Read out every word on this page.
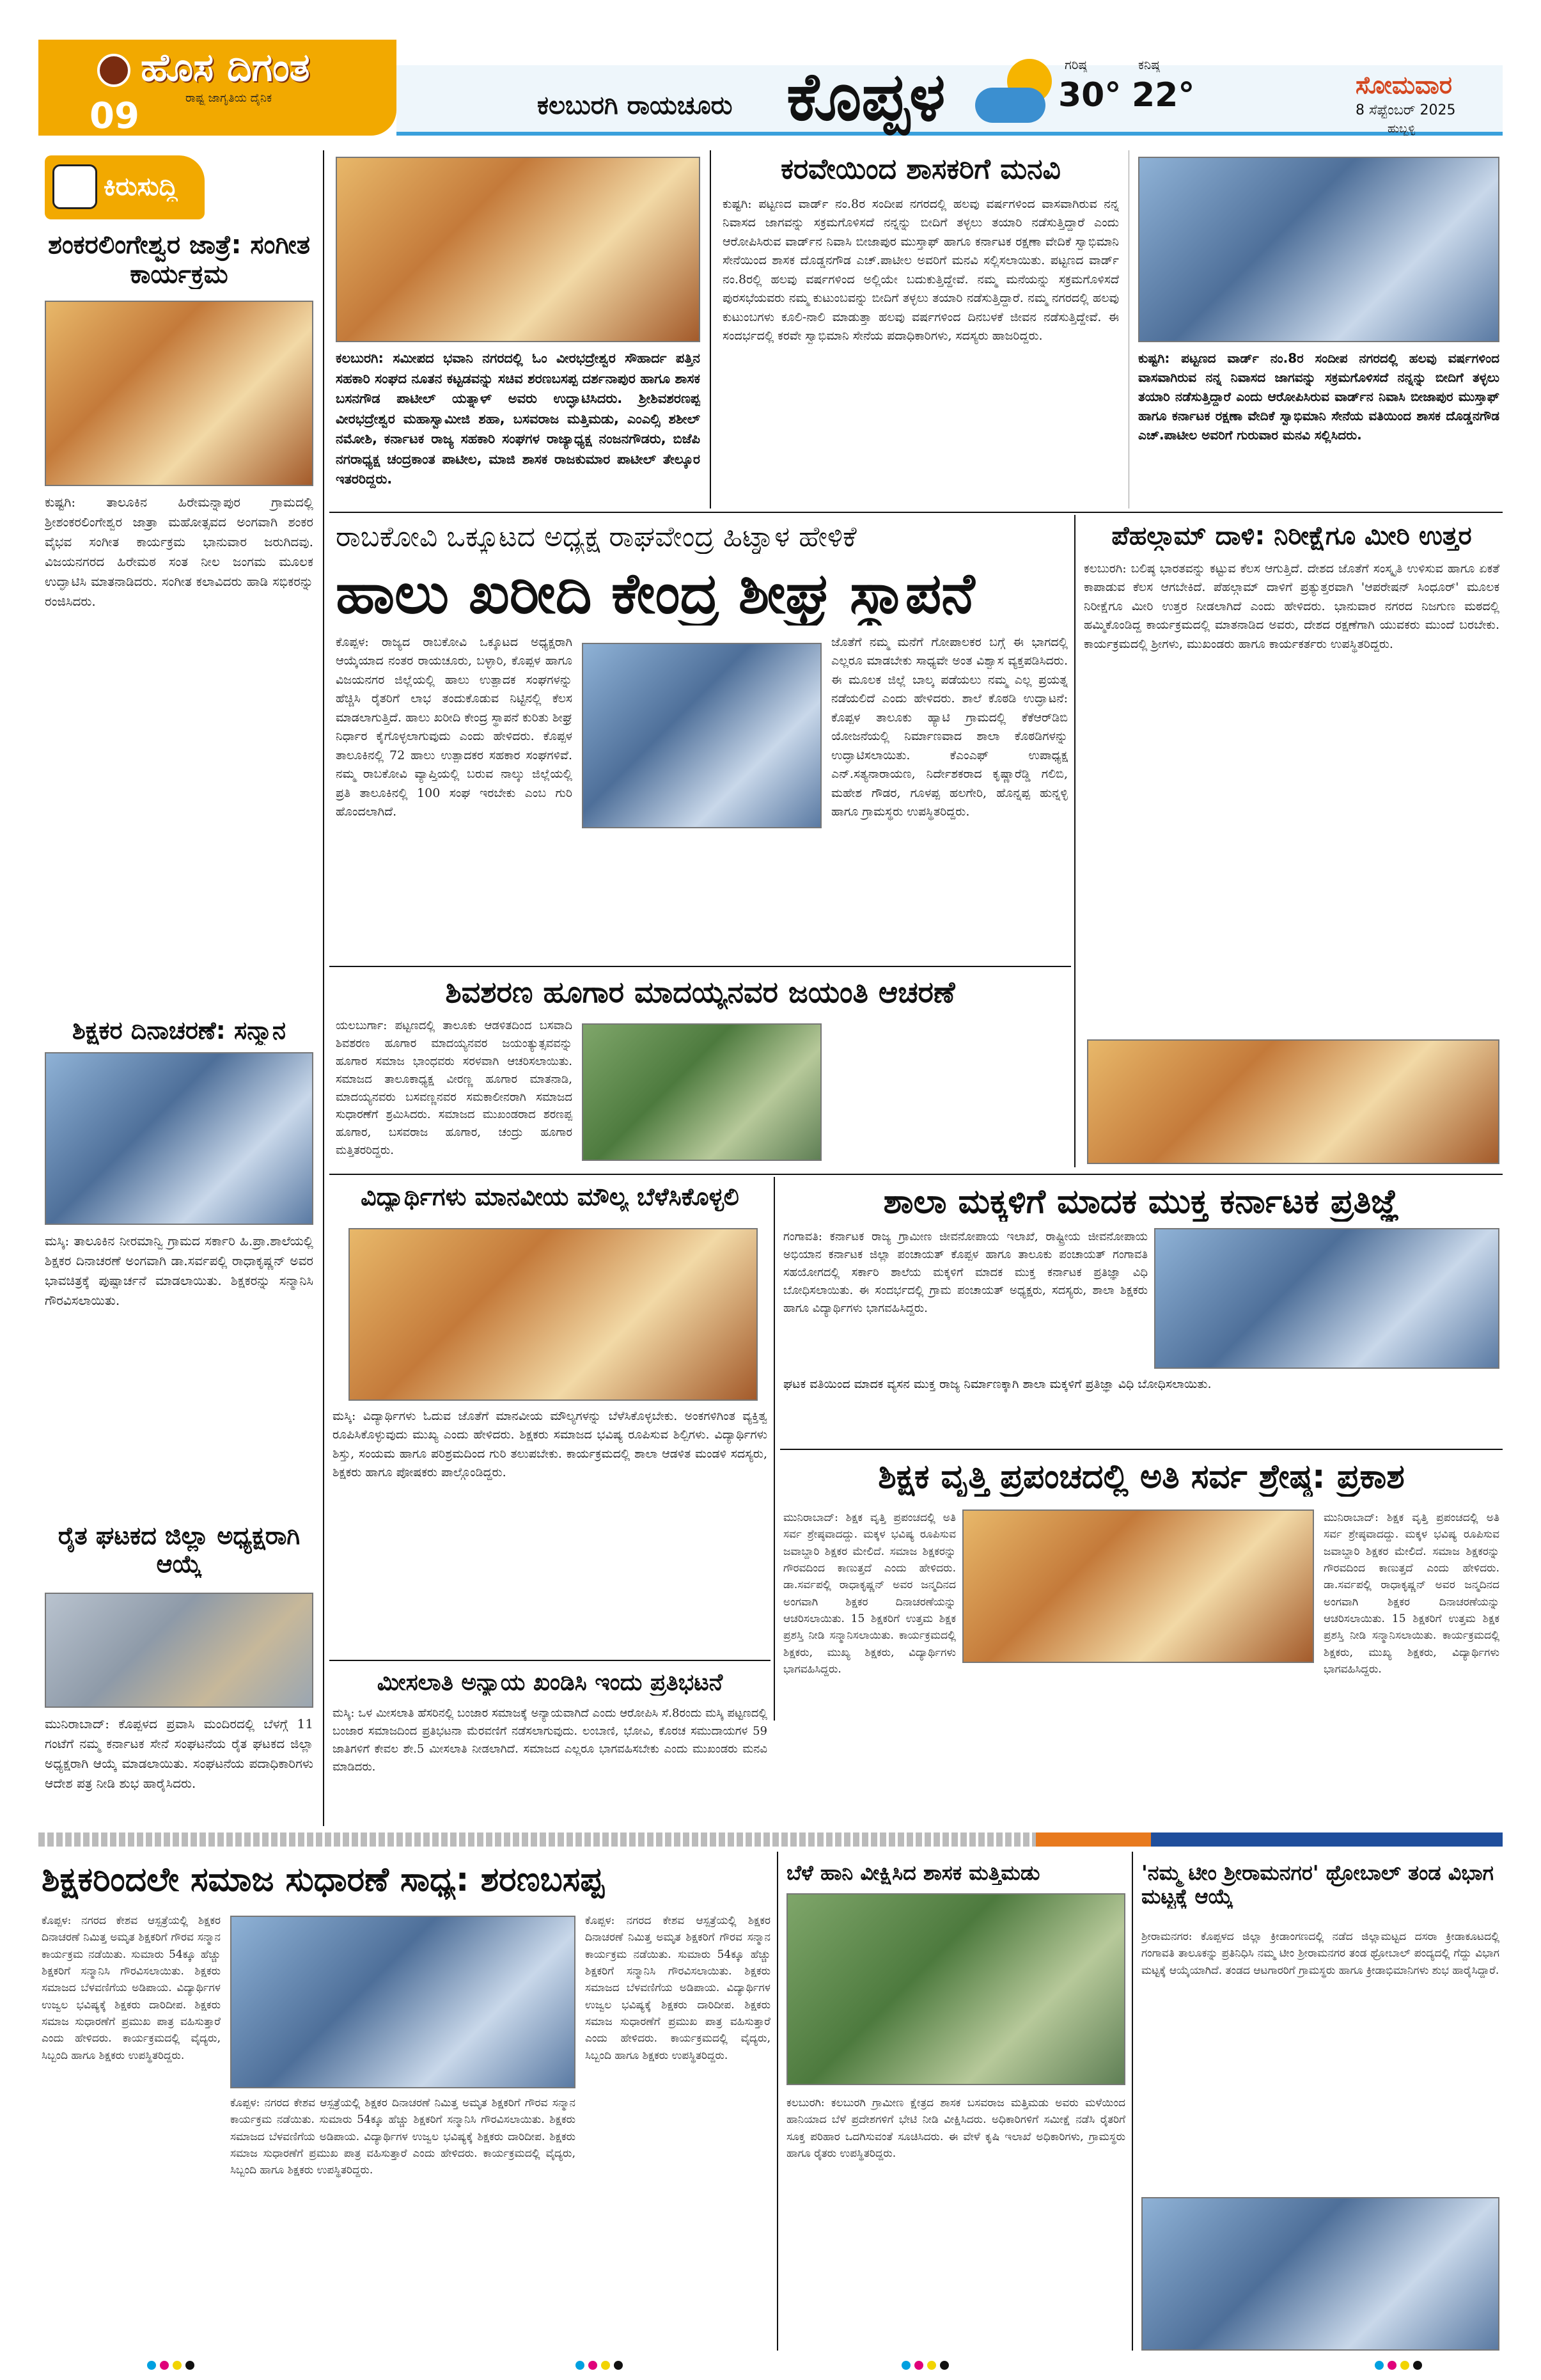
ಹೊಸ ದಿಗಂತ
ರಾಷ್ಟ್ರ ಜಾಗೃತಿಯ ದೈನಿಕ
09	ಕಲಬುರಗಿ ರಾಯಚೂರು ಕೊಪ್ಪಳ	ಗರಿಷ್ಠ
30°
ಕನಿಷ್ಠ
22°	ಸೋಮವಾರ
8 ಸೆಪ್ಟೆಂಬರ್ 2025
ಹುಬ್ಬಳ್ಳಿ
ಕಿರುಸುದ್ದಿ
ಶಂಕರಲಿಂಗೇಶ್ವರ ಜಾತ್ರೆ: ಸಂಗೀತ ಕಾರ್ಯಕ್ರಮ
ಕುಷ್ಟಗಿ: ತಾಲೂಕಿನ ಹಿರೇಮನ್ನಾಪುರ ಗ್ರಾಮದಲ್ಲಿ ಶ್ರೀಶಂಕರಲಿಂಗೇಶ್ವರ ಜಾತ್ರಾ ಮಹೋತ್ಸವದ ಅಂಗವಾಗಿ ಶಂಕರ ವೈಭವ ಸಂಗೀತ ಕಾರ್ಯಕ್ರಮ ಭಾನುವಾರ ಜರುಗಿದವು. ವಿಜಯನಗರದ ಹಿರೇಮಠ ಸಂತ ನೀಲ ಜಂಗಮ ಮೂಲಕ ಉದ್ಘಾಟಿಸಿ ಮಾತನಾಡಿದರು. ಸಂಗೀತ ಕಲಾವಿದರು ಹಾಡಿ ಸಭಿಕರನ್ನು ರಂಜಿಸಿದರು.
ಶಿಕ್ಷಕರ ದಿನಾಚರಣೆ: ಸನ್ಮಾನ
ಮಸ್ಕಿ: ತಾಲೂಕಿನ ನೀರಮಾನ್ವಿ ಗ್ರಾಮದ ಸರ್ಕಾರಿ ಹಿ.ಪ್ರಾ.ಶಾಲೆಯಲ್ಲಿ ಶಿಕ್ಷಕರ ದಿನಾಚರಣೆ ಅಂಗವಾಗಿ ಡಾ.ಸರ್ವಪಲ್ಲಿ ರಾಧಾಕೃಷ್ಣನ್ ಅವರ ಭಾವಚಿತ್ರಕ್ಕೆ ಪುಷ್ಪಾರ್ಚನೆ ಮಾಡಲಾಯಿತು. ಶಿಕ್ಷಕರನ್ನು ಸನ್ಮಾನಿಸಿ ಗೌರವಿಸಲಾಯಿತು.
ರೈತ ಘಟಕದ ಜಿಲ್ಲಾ ಅಧ್ಯಕ್ಷರಾಗಿ ಆಯ್ಕೆ
ಮುನಿರಾಬಾದ್: ಕೊಪ್ಪಳದ ಪ್ರವಾಸಿ ಮಂದಿರದಲ್ಲಿ ಬೆಳಗ್ಗೆ 11 ಗಂಟೆಗೆ ನಮ್ಮ ಕರ್ನಾಟಕ ಸೇನೆ ಸಂಘಟನೆಯ ರೈತ ಘಟಕದ ಜಿಲ್ಲಾ ಅಧ್ಯಕ್ಷರಾಗಿ ಆಯ್ಕೆ ಮಾಡಲಾಯಿತು. ಸಂಘಟನೆಯ ಪದಾಧಿಕಾರಿಗಳು ಆದೇಶ ಪತ್ರ ನೀಡಿ ಶುಭ ಹಾರೈಸಿದರು.
ಕಲಬುರಗಿ: ಸಮೀಪದ ಭವಾನಿ ನಗರದಲ್ಲಿ ಓಂ ವೀರಭದ್ರೇಶ್ವರ ಸೌಹಾರ್ದ ಪತ್ತಿನ ಸಹಕಾರಿ ಸಂಘದ ನೂತನ ಕಟ್ಟಡವನ್ನು ಸಚಿವ ಶರಣಬಸಪ್ಪ ದರ್ಶನಾಪುರ ಹಾಗೂ ಶಾಸಕ ಬಸನಗೌಡ ಪಾಟೀಲ್ ಯತ್ನಾಳ್ ಅವರು ಉದ್ಘಾಟಿಸಿದರು. ಶ್ರೀಶಿವಶರಣಪ್ಪ ವೀರಭದ್ರೇಶ್ವರ ಮಹಾಸ್ವಾಮೀಜಿ ಶಹಾ, ಬಸವರಾಜ ಮತ್ತಿಮಡು, ಎಂಎಲ್ಸಿ ಶಶೀಲ್ ನಮೋಶಿ, ಕರ್ನಾಟಕ ರಾಜ್ಯ ಸಹಕಾರಿ ಸಂಘಗಳ ರಾಜ್ಯಾಧ್ಯಕ್ಷ ನಂಜನಗೌಡರು, ಬಿಜೆಪಿ ನಗರಾಧ್ಯಕ್ಷ ಚಂದ್ರಕಾಂತ ಪಾಟೀಲ, ಮಾಜಿ ಶಾಸಕ ರಾಜಕುಮಾರ ಪಾಟೀಲ್ ತೇಲ್ಕೂರ ಇತರರಿದ್ದರು.
ಕರವೇಯಿಂದ ಶಾಸಕರಿಗೆ ಮನವಿ
ಕುಷ್ಟಗಿ: ಪಟ್ಟಣದ ವಾರ್ಡ್ ನಂ.8ರ ಸಂದೀಪ ನಗರದಲ್ಲಿ ಹಲವು ವರ್ಷಗಳಿಂದ ವಾಸವಾಗಿರುವ ನನ್ನ ನಿವಾಸದ ಜಾಗವನ್ನು ಸಕ್ರಮಗೊಳಿಸದೆ ನನ್ನನ್ನು ಬೀದಿಗೆ ತಳ್ಳಲು ತಯಾರಿ ನಡೆಸುತ್ತಿದ್ದಾರೆ ಎಂದು ಆರೋಪಿಸಿರುವ ವಾರ್ಡ್‌ನ ನಿವಾಸಿ ಬೀಜಾಪುರ ಮುಸ್ತಾಫ್ ಹಾಗೂ ಕರ್ನಾಟಕ ರಕ್ಷಣಾ ವೇದಿಕೆ ಸ್ವಾಭಿಮಾನಿ ಸೇನೆಯಿಂದ ಶಾಸಕ ದೊಡ್ಡನಗೌಡ ಎಚ್.ಪಾಟೀಲ ಅವರಿಗೆ ಮನವಿ ಸಲ್ಲಿಸಲಾಯಿತು. ಪಟ್ಟಣದ ವಾರ್ಡ್ ನಂ.8ರಲ್ಲಿ ಹಲವು ವರ್ಷಗಳಿಂದ ಅಲ್ಲಿಯೇ ಬದುಕುತ್ತಿದ್ದೇವೆ. ನಮ್ಮ ಮನೆಯನ್ನು ಸಕ್ರಮಗೊಳಿಸದೆ ಪುರಸಭೆಯವರು ನಮ್ಮ ಕುಟುಂಬವನ್ನು ಬೀದಿಗೆ ತಳ್ಳಲು ತಯಾರಿ ನಡೆಸುತ್ತಿದ್ದಾರೆ. ನಮ್ಮ ನಗರದಲ್ಲಿ ಹಲವು ಕುಟುಂಬಗಳು ಕೂಲಿ-ನಾಲಿ ಮಾಡುತ್ತಾ ಹಲವು ವರ್ಷಗಳಿಂದ ದಿನಬಳಕೆ ಜೀವನ ನಡೆಸುತ್ತಿದ್ದೇವೆ. ಈ ಸಂದರ್ಭದಲ್ಲಿ ಕರವೇ ಸ್ವಾಭಿಮಾನಿ ಸೇನೆಯ ಪದಾಧಿಕಾರಿಗಳು, ಸದಸ್ಯರು ಹಾಜರಿದ್ದರು.
ಕುಷ್ಟಗಿ: ಪಟ್ಟಣದ ವಾರ್ಡ್ ನಂ.8ರ ಸಂದೀಪ ನಗರದಲ್ಲಿ ಹಲವು ವರ್ಷಗಳಿಂದ ವಾಸವಾಗಿರುವ ನನ್ನ ನಿವಾಸದ ಜಾಗವನ್ನು ಸಕ್ರಮಗೊಳಿಸದೆ ನನ್ನನ್ನು ಬೀದಿಗೆ ತಳ್ಳಲು ತಯಾರಿ ನಡೆಸುತ್ತಿದ್ದಾರೆ ಎಂದು ಆರೋಪಿಸಿರುವ ವಾರ್ಡ್‌ನ ನಿವಾಸಿ ಬೀಜಾಪುರ ಮುಸ್ತಾಫ್ ಹಾಗೂ ಕರ್ನಾಟಕ ರಕ್ಷಣಾ ವೇದಿಕೆ ಸ್ವಾಭಿಮಾನಿ ಸೇನೆಯ ವತಿಯಿಂದ ಶಾಸಕ ದೊಡ್ಡನಗೌಡ ಎಚ್.ಪಾಟೀಲ ಅವರಿಗೆ ಗುರುವಾರ ಮನವಿ ಸಲ್ಲಿಸಿದರು.
ರಾಬಕೋವಿ ಒಕ್ಕೂಟದ ಅಧ್ಯಕ್ಷ ರಾಘವೇಂದ್ರ ಹಿಟ್ನಾಳ ಹೇಳಿಕೆ
ಹಾಲು ಖರೀದಿ ಕೇಂದ್ರ ಶೀಘ್ರ ಸ್ಥಾಪನೆ
ಕೊಪ್ಪಳ: ರಾಜ್ಯದ ರಾಬಕೋವಿ ಒಕ್ಕೂಟದ ಅಧ್ಯಕ್ಷರಾಗಿ ಆಯ್ಕೆಯಾದ ನಂತರ ರಾಯಚೂರು, ಬಳ್ಳಾರಿ, ಕೊಪ್ಪಳ ಹಾಗೂ ವಿಜಯನಗರ ಜಿಲ್ಲೆಯಲ್ಲಿ ಹಾಲು ಉತ್ಪಾದಕ ಸಂಘಗಳನ್ನು ಹೆಚ್ಚಿಸಿ ರೈತರಿಗೆ ಲಾಭ ತಂದುಕೊಡುವ ನಿಟ್ಟಿನಲ್ಲಿ ಕೆಲಸ ಮಾಡಲಾಗುತ್ತಿದೆ. ಹಾಲು ಖರೀದಿ ಕೇಂದ್ರ ಸ್ಥಾಪನೆ ಕುರಿತು ಶೀಘ್ರ ನಿರ್ಧಾರ ಕೈಗೊಳ್ಳಲಾಗುವುದು ಎಂದು ಹೇಳಿದರು. ಕೊಪ್ಪಳ ತಾಲೂಕಿನಲ್ಲಿ 72 ಹಾಲು ಉತ್ಪಾದಕರ ಸಹಕಾರ ಸಂಘಗಳಿವೆ. ನಮ್ಮ ರಾಬಕೋವಿ ವ್ಯಾಪ್ತಿಯಲ್ಲಿ ಬರುವ ನಾಲ್ಕು ಜಿಲ್ಲೆಯಲ್ಲಿ ಪ್ರತಿ ತಾಲೂಕಿನಲ್ಲಿ 100 ಸಂಘ ಇರಬೇಕು ಎಂಬ ಗುರಿ ಹೊಂದಲಾಗಿದೆ.
ಜೊತೆಗೆ ನಮ್ಮ ಮನೆಗೆ ಗೋಪಾಲಕರ ಬಗ್ಗೆ ಈ ಭಾಗದಲ್ಲಿ ಎಲ್ಲರೂ ಮಾಡಬೇಕು ಸಾಧ್ಯವೇ ಅಂತ ವಿಶ್ವಾಸ ವ್ಯಕ್ತಪಡಿಸಿದರು. ಈ ಮೂಲಕ ಜಿಲ್ಲೆ ಬಾಲ್ಕ ಪಡೆಯಲು ನಮ್ಮ ಎಲ್ಲ ಪ್ರಯತ್ನ ನಡೆಯಲಿದೆ ಎಂದು ಹೇಳಿದರು. ಶಾಲೆ ಕೊಠಡಿ ಉದ್ಘಾಟನೆ: ಕೊಪ್ಪಳ ತಾಲೂಕು ಹ್ಯಾಟಿ ಗ್ರಾಮದಲ್ಲಿ ಕೆಕೆಆರ್‌ಡಿಬಿ ಯೋಜನೆಯಲ್ಲಿ ನಿರ್ಮಾಣವಾದ ಶಾಲಾ ಕೊಠಡಿಗಳನ್ನು ಉದ್ಘಾಟಿಸಲಾಯಿತು. ಕೆಎಂಎಫ್ ಉಪಾಧ್ಯಕ್ಷ ಎನ್.ಸತ್ಯನಾರಾಯಣ, ನಿರ್ದೇಶಕರಾದ ಕೃಷ್ಣಾರೆಡ್ಡಿ ಗಲಿಬಿ, ಮಹೇಶ ಗೌಡರ, ಗೂಳಪ್ಪ ಹಲಗೇರಿ, ಹೊನ್ನಪ್ಪ ಹುನ್ನಳ್ಳಿ ಹಾಗೂ ಗ್ರಾಮಸ್ಥರು ಉಪಸ್ಥಿತರಿದ್ದರು.
ಪೆಹಲ್ಗಾಮ್ ದಾಳಿ: ನಿರೀಕ್ಷೆಗೂ ಮೀರಿ ಉತ್ತರ
ಕಲಬುರಗಿ: ಬಲಿಷ್ಠ ಭಾರತವನ್ನು ಕಟ್ಟುವ ಕೆಲಸ ಆಗುತ್ತಿದೆ. ದೇಶದ ಜೊತೆಗೆ ಸಂಸ್ಕೃತಿ ಉಳಿಸುವ ಹಾಗೂ ಏಕತೆ ಕಾಪಾಡುವ ಕೆಲಸ ಆಗಬೇಕಿದೆ. ಪೆಹಲ್ಗಾಮ್ ದಾಳಿಗೆ ಪ್ರತ್ಯುತ್ತರವಾಗಿ 'ಆಪರೇಷನ್ ಸಿಂಧೂರ್' ಮೂಲಕ ನಿರೀಕ್ಷೆಗೂ ಮೀರಿ ಉತ್ತರ ನೀಡಲಾಗಿದೆ ಎಂದು ಹೇಳಿದರು. ಭಾನುವಾರ ನಗರದ ನಿಜಗುಣ ಮಠದಲ್ಲಿ ಹಮ್ಮಿಕೊಂಡಿದ್ದ ಕಾರ್ಯಕ್ರಮದಲ್ಲಿ ಮಾತನಾಡಿದ ಅವರು, ದೇಶದ ರಕ್ಷಣೆಗಾಗಿ ಯುವಕರು ಮುಂದೆ ಬರಬೇಕು. ಕಾರ್ಯಕ್ರಮದಲ್ಲಿ ಶ್ರೀಗಳು, ಮುಖಂಡರು ಹಾಗೂ ಕಾರ್ಯಕರ್ತರು ಉಪಸ್ಥಿತರಿದ್ದರು.
ಶಿವಶರಣ ಹೂಗಾರ ಮಾದಯ್ಯನವರ ಜಯಂತಿ ಆಚರಣೆ
ಯಲಬುರ್ಗಾ: ಪಟ್ಟಣದಲ್ಲಿ ತಾಲೂಕು ಆಡಳಿತದಿಂದ ಬಸವಾದಿ ಶಿವಶರಣ ಹೂಗಾರ ಮಾದಯ್ಯನವರ ಜಯಂತ್ಯುತ್ಸವವನ್ನು ಹೂಗಾರ ಸಮಾಜ ಭಾಂಧವರು ಸರಳವಾಗಿ ಆಚರಿಸಲಾಯಿತು. ಸಮಾಜದ ತಾಲೂಕಾಧ್ಯಕ್ಷ ವೀರಣ್ಣ ಹೂಗಾರ ಮಾತನಾಡಿ, ಮಾದಯ್ಯನವರು ಬಸವಣ್ಣನವರ ಸಮಕಾಲೀನರಾಗಿ ಸಮಾಜದ ಸುಧಾರಣೆಗೆ ಶ್ರಮಿಸಿದರು. ಸಮಾಜದ ಮುಖಂಡರಾದ ಶರಣಪ್ಪ ಹೂಗಾರ, ಬಸವರಾಜ ಹೂಗಾರ, ಚಂದ್ರು ಹೂಗಾರ ಮತ್ತಿತರರಿದ್ದರು.
ವಿದ್ಯಾರ್ಥಿಗಳು ಮಾನವೀಯ ಮೌಲ್ಯ ಬೆಳೆಸಿಕೊಳ್ಳಲಿ
ಮಸ್ಕಿ: ವಿದ್ಯಾರ್ಥಿಗಳು ಓದುವ ಜೊತೆಗೆ ಮಾನವೀಯ ಮೌಲ್ಯಗಳನ್ನು ಬೆಳೆಸಿಕೊಳ್ಳಬೇಕು. ಅಂಕಗಳಿಗಿಂತ ವ್ಯಕ್ತಿತ್ವ ರೂಪಿಸಿಕೊಳ್ಳುವುದು ಮುಖ್ಯ ಎಂದು ಹೇಳಿದರು. ಶಿಕ್ಷಕರು ಸಮಾಜದ ಭವಿಷ್ಯ ರೂಪಿಸುವ ಶಿಲ್ಪಿಗಳು. ವಿದ್ಯಾರ್ಥಿಗಳು ಶಿಸ್ತು, ಸಂಯಮ ಹಾಗೂ ಪರಿಶ್ರಮದಿಂದ ಗುರಿ ತಲುಪಬೇಕು. ಕಾರ್ಯಕ್ರಮದಲ್ಲಿ ಶಾಲಾ ಆಡಳಿತ ಮಂಡಳಿ ಸದಸ್ಯರು, ಶಿಕ್ಷಕರು ಹಾಗೂ ಪೋಷಕರು ಪಾಲ್ಗೊಂಡಿದ್ದರು.
ಶಾಲಾ ಮಕ್ಕಳಿಗೆ ಮಾದಕ ಮುಕ್ತ ಕರ್ನಾಟಕ ಪ್ರತಿಜ್ಞೆ
ಗಂಗಾವತಿ: ಕರ್ನಾಟಕ ರಾಜ್ಯ ಗ್ರಾಮೀಣ ಜೀವನೋಪಾಯ ಇಲಾಖೆ, ರಾಷ್ಟ್ರೀಯ ಜೀವನೋಪಾಯ ಅಭಿಯಾನ ಕರ್ನಾಟಕ ಜಿಲ್ಲಾ ಪಂಚಾಯತ್ ಕೊಪ್ಪಳ ಹಾಗೂ ತಾಲೂಕು ಪಂಚಾಯತ್ ಗಂಗಾವತಿ ಸಹಯೋಗದಲ್ಲಿ ಸರ್ಕಾರಿ ಶಾಲೆಯ ಮಕ್ಕಳಿಗೆ ಮಾದಕ ಮುಕ್ತ ಕರ್ನಾಟಕ ಪ್ರತಿಜ್ಞಾ ವಿಧಿ ಬೋಧಿಸಲಾಯಿತು. ಈ ಸಂದರ್ಭದಲ್ಲಿ ಗ್ರಾಮ ಪಂಚಾಯತ್ ಅಧ್ಯಕ್ಷರು, ಸದಸ್ಯರು, ಶಾಲಾ ಶಿಕ್ಷಕರು ಹಾಗೂ ವಿದ್ಯಾರ್ಥಿಗಳು ಭಾಗವಹಿಸಿದ್ದರು.
ಘಟಕ ವತಿಯಿಂದ ಮಾದಕ ವ್ಯಸನ ಮುಕ್ತ ರಾಜ್ಯ ನಿರ್ಮಾಣಕ್ಕಾಗಿ ಶಾಲಾ ಮಕ್ಕಳಿಗೆ ಪ್ರತಿಜ್ಞಾ ವಿಧಿ ಬೋಧಿಸಲಾಯಿತು.
ಶಿಕ್ಷಕ ವೃತ್ತಿ ಪ್ರಪಂಚದಲ್ಲಿ ಅತಿ ಸರ್ವ ಶ್ರೇಷ್ಠ: ಪ್ರಕಾಶ
ಮುನಿರಾಬಾದ್: ಶಿಕ್ಷಕ ವೃತ್ತಿ ಪ್ರಪಂಚದಲ್ಲಿ ಅತಿ ಸರ್ವ ಶ್ರೇಷ್ಠವಾದದ್ದು. ಮಕ್ಕಳ ಭವಿಷ್ಯ ರೂಪಿಸುವ ಜವಾಬ್ದಾರಿ ಶಿಕ್ಷಕರ ಮೇಲಿದೆ. ಸಮಾಜ ಶಿಕ್ಷಕರನ್ನು ಗೌರವದಿಂದ ಕಾಣುತ್ತದೆ ಎಂದು ಹೇಳಿದರು. ಡಾ.ಸರ್ವಪಲ್ಲಿ ರಾಧಾಕೃಷ್ಣನ್ ಅವರ ಜನ್ಮದಿನದ ಅಂಗವಾಗಿ ಶಿಕ್ಷಕರ ದಿನಾಚರಣೆಯನ್ನು ಆಚರಿಸಲಾಯಿತು. 15 ಶಿಕ್ಷಕರಿಗೆ ಉತ್ತಮ ಶಿಕ್ಷಕ ಪ್ರಶಸ್ತಿ ನೀಡಿ ಸನ್ಮಾನಿಸಲಾಯಿತು. ಕಾರ್ಯಕ್ರಮದಲ್ಲಿ ಶಿಕ್ಷಕರು, ಮುಖ್ಯ ಶಿಕ್ಷಕರು, ವಿದ್ಯಾರ್ಥಿಗಳು ಭಾಗವಹಿಸಿದ್ದರು.
ಮುನಿರಾಬಾದ್: ಶಿಕ್ಷಕ ವೃತ್ತಿ ಪ್ರಪಂಚದಲ್ಲಿ ಅತಿ ಸರ್ವ ಶ್ರೇಷ್ಠವಾದದ್ದು. ಮಕ್ಕಳ ಭವಿಷ್ಯ ರೂಪಿಸುವ ಜವಾಬ್ದಾರಿ ಶಿಕ್ಷಕರ ಮೇಲಿದೆ. ಸಮಾಜ ಶಿಕ್ಷಕರನ್ನು ಗೌರವದಿಂದ ಕಾಣುತ್ತದೆ ಎಂದು ಹೇಳಿದರು. ಡಾ.ಸರ್ವಪಲ್ಲಿ ರಾಧಾಕೃಷ್ಣನ್ ಅವರ ಜನ್ಮದಿನದ ಅಂಗವಾಗಿ ಶಿಕ್ಷಕರ ದಿನಾಚರಣೆಯನ್ನು ಆಚರಿಸಲಾಯಿತು. 15 ಶಿಕ್ಷಕರಿಗೆ ಉತ್ತಮ ಶಿಕ್ಷಕ ಪ್ರಶಸ್ತಿ ನೀಡಿ ಸನ್ಮಾನಿಸಲಾಯಿತು. ಕಾರ್ಯಕ್ರಮದಲ್ಲಿ ಶಿಕ್ಷಕರು, ಮುಖ್ಯ ಶಿಕ್ಷಕರು, ವಿದ್ಯಾರ್ಥಿಗಳು ಭಾಗವಹಿಸಿದ್ದರು.
ಮೀಸಲಾತಿ ಅನ್ಯಾಯ ಖಂಡಿಸಿ ಇಂದು ಪ್ರತಿಭಟನೆ
ಮಸ್ಕಿ: ಒಳ ಮೀಸಲಾತಿ ಹೆಸರಿನಲ್ಲಿ ಬಂಜಾರ ಸಮಾಜಕ್ಕೆ ಅನ್ಯಾಯವಾಗಿದೆ ಎಂದು ಆರೋಪಿಸಿ ಸೆ.8ರಂದು ಮಸ್ಕಿ ಪಟ್ಟಣದಲ್ಲಿ ಬಂಜಾರ ಸಮಾಜದಿಂದ ಪ್ರತಿಭಟನಾ ಮೆರವಣಿಗೆ ನಡೆಸಲಾಗುವುದು. ಲಂಬಾಣಿ, ಭೋವಿ, ಕೊರಚ ಸಮುದಾಯಗಳ 59 ಜಾತಿಗಳಿಗೆ ಕೇವಲ ಶೇ.5 ಮೀಸಲಾತಿ ನೀಡಲಾಗಿದೆ. ಸಮಾಜದ ಎಲ್ಲರೂ ಭಾಗವಹಿಸಬೇಕು ಎಂದು ಮುಖಂಡರು ಮನವಿ ಮಾಡಿದರು.
ಶಿಕ್ಷಕರಿಂದಲೇ ಸಮಾಜ ಸುಧಾರಣೆ ಸಾಧ್ಯ: ಶರಣಬಸಪ್ಪ
ಕೊಪ್ಪಳ: ನಗರದ ಕೇಶವ ಆಸ್ಪತ್ರೆಯಲ್ಲಿ ಶಿಕ್ಷಕರ ದಿನಾಚರಣೆ ನಿಮಿತ್ತ ಅಮೃತ ಶಿಕ್ಷಕರಿಗೆ ಗೌರವ ಸನ್ಮಾನ ಕಾರ್ಯಕ್ರಮ ನಡೆಯಿತು. ಸುಮಾರು 54ಕ್ಕೂ ಹೆಚ್ಚು ಶಿಕ್ಷಕರಿಗೆ ಸನ್ಮಾನಿಸಿ ಗೌರವಿಸಲಾಯಿತು. ಶಿಕ್ಷಕರು ಸಮಾಜದ ಬೆಳವಣಿಗೆಯ ಅಡಿಪಾಯ. ವಿದ್ಯಾರ್ಥಿಗಳ ಉಜ್ವಲ ಭವಿಷ್ಯಕ್ಕೆ ಶಿಕ್ಷಕರು ದಾರಿದೀಪ. ಶಿಕ್ಷಕರು ಸಮಾಜ ಸುಧಾರಣೆಗೆ ಪ್ರಮುಖ ಪಾತ್ರ ವಹಿಸುತ್ತಾರೆ ಎಂದು ಹೇಳಿದರು. ಕಾರ್ಯಕ್ರಮದಲ್ಲಿ ವೈದ್ಯರು, ಸಿಬ್ಬಂದಿ ಹಾಗೂ ಶಿಕ್ಷಕರು ಉಪಸ್ಥಿತರಿದ್ದರು.
ಕೊಪ್ಪಳ: ನಗರದ ಕೇಶವ ಆಸ್ಪತ್ರೆಯಲ್ಲಿ ಶಿಕ್ಷಕರ ದಿನಾಚರಣೆ ನಿಮಿತ್ತ ಅಮೃತ ಶಿಕ್ಷಕರಿಗೆ ಗೌರವ ಸನ್ಮಾನ ಕಾರ್ಯಕ್ರಮ ನಡೆಯಿತು. ಸುಮಾರು 54ಕ್ಕೂ ಹೆಚ್ಚು ಶಿಕ್ಷಕರಿಗೆ ಸನ್ಮಾನಿಸಿ ಗೌರವಿಸಲಾಯಿತು. ಶಿಕ್ಷಕರು ಸಮಾಜದ ಬೆಳವಣಿಗೆಯ ಅಡಿಪಾಯ. ವಿದ್ಯಾರ್ಥಿಗಳ ಉಜ್ವಲ ಭವಿಷ್ಯಕ್ಕೆ ಶಿಕ್ಷಕರು ದಾರಿದೀಪ. ಶಿಕ್ಷಕರು ಸಮಾಜ ಸುಧಾರಣೆಗೆ ಪ್ರಮುಖ ಪಾತ್ರ ವಹಿಸುತ್ತಾರೆ ಎಂದು ಹೇಳಿದರು. ಕಾರ್ಯಕ್ರಮದಲ್ಲಿ ವೈದ್ಯರು, ಸಿಬ್ಬಂದಿ ಹಾಗೂ ಶಿಕ್ಷಕರು ಉಪಸ್ಥಿತರಿದ್ದರು.
ಕೊಪ್ಪಳ: ನಗರದ ಕೇಶವ ಆಸ್ಪತ್ರೆಯಲ್ಲಿ ಶಿಕ್ಷಕರ ದಿನಾಚರಣೆ ನಿಮಿತ್ತ ಅಮೃತ ಶಿಕ್ಷಕರಿಗೆ ಗೌರವ ಸನ್ಮಾನ ಕಾರ್ಯಕ್ರಮ ನಡೆಯಿತು. ಸುಮಾರು 54ಕ್ಕೂ ಹೆಚ್ಚು ಶಿಕ್ಷಕರಿಗೆ ಸನ್ಮಾನಿಸಿ ಗೌರವಿಸಲಾಯಿತು. ಶಿಕ್ಷಕರು ಸಮಾಜದ ಬೆಳವಣಿಗೆಯ ಅಡಿಪಾಯ. ವಿದ್ಯಾರ್ಥಿಗಳ ಉಜ್ವಲ ಭವಿಷ್ಯಕ್ಕೆ ಶಿಕ್ಷಕರು ದಾರಿದೀಪ. ಶಿಕ್ಷಕರು ಸಮಾಜ ಸುಧಾರಣೆಗೆ ಪ್ರಮುಖ ಪಾತ್ರ ವಹಿಸುತ್ತಾರೆ ಎಂದು ಹೇಳಿದರು. ಕಾರ್ಯಕ್ರಮದಲ್ಲಿ ವೈದ್ಯರು, ಸಿಬ್ಬಂದಿ ಹಾಗೂ ಶಿಕ್ಷಕರು ಉಪಸ್ಥಿತರಿದ್ದರು.
ಬೆಳೆ ಹಾನಿ ವೀಕ್ಷಿಸಿದ ಶಾಸಕ ಮತ್ತಿಮಡು
ಕಲಬುರಗಿ: ಕಲಬುರಗಿ ಗ್ರಾಮೀಣ ಕ್ಷೇತ್ರದ ಶಾಸಕ ಬಸವರಾಜ ಮತ್ತಿಮಡು ಅವರು ಮಳೆಯಿಂದ ಹಾನಿಯಾದ ಬೆಳೆ ಪ್ರದೇಶಗಳಿಗೆ ಭೇಟಿ ನೀಡಿ ವೀಕ್ಷಿಸಿದರು. ಅಧಿಕಾರಿಗಳಿಗೆ ಸಮೀಕ್ಷೆ ನಡೆಸಿ ರೈತರಿಗೆ ಸೂಕ್ತ ಪರಿಹಾರ ಒದಗಿಸುವಂತೆ ಸೂಚಿಸಿದರು. ಈ ವೇಳೆ ಕೃಷಿ ಇಲಾಖೆ ಅಧಿಕಾರಿಗಳು, ಗ್ರಾಮಸ್ಥರು ಹಾಗೂ ರೈತರು ಉಪಸ್ಥಿತರಿದ್ದರು.
'ನಮ್ಮ ಟೀಂ ಶ್ರೀರಾಮನಗರ' ಥ್ರೋಬಾಲ್ ತಂಡ ವಿಭಾಗ ಮಟ್ಟಕ್ಕೆ ಆಯ್ಕೆ
ಶ್ರೀರಾಮನಗರ: ಕೊಪ್ಪಳದ ಜಿಲ್ಲಾ ಕ್ರೀಡಾಂಗಣದಲ್ಲಿ ನಡೆದ ಜಿಲ್ಲಾಮಟ್ಟದ ದಸರಾ ಕ್ರೀಡಾಕೂಟದಲ್ಲಿ ಗಂಗಾವತಿ ತಾಲೂಕನ್ನು ಪ್ರತಿನಿಧಿಸಿ ನಮ್ಮ ಟೀಂ ಶ್ರೀರಾಮನಗರ ತಂಡ ಥ್ರೋಬಾಲ್ ಪಂದ್ಯದಲ್ಲಿ ಗೆದ್ದು ವಿಭಾಗ ಮಟ್ಟಕ್ಕೆ ಆಯ್ಕೆಯಾಗಿದೆ. ತಂಡದ ಆಟಗಾರರಿಗೆ ಗ್ರಾಮಸ್ಥರು ಹಾಗೂ ಕ್ರೀಡಾಭಿಮಾನಿಗಳು ಶುಭ ಹಾರೈಸಿದ್ದಾರೆ.
